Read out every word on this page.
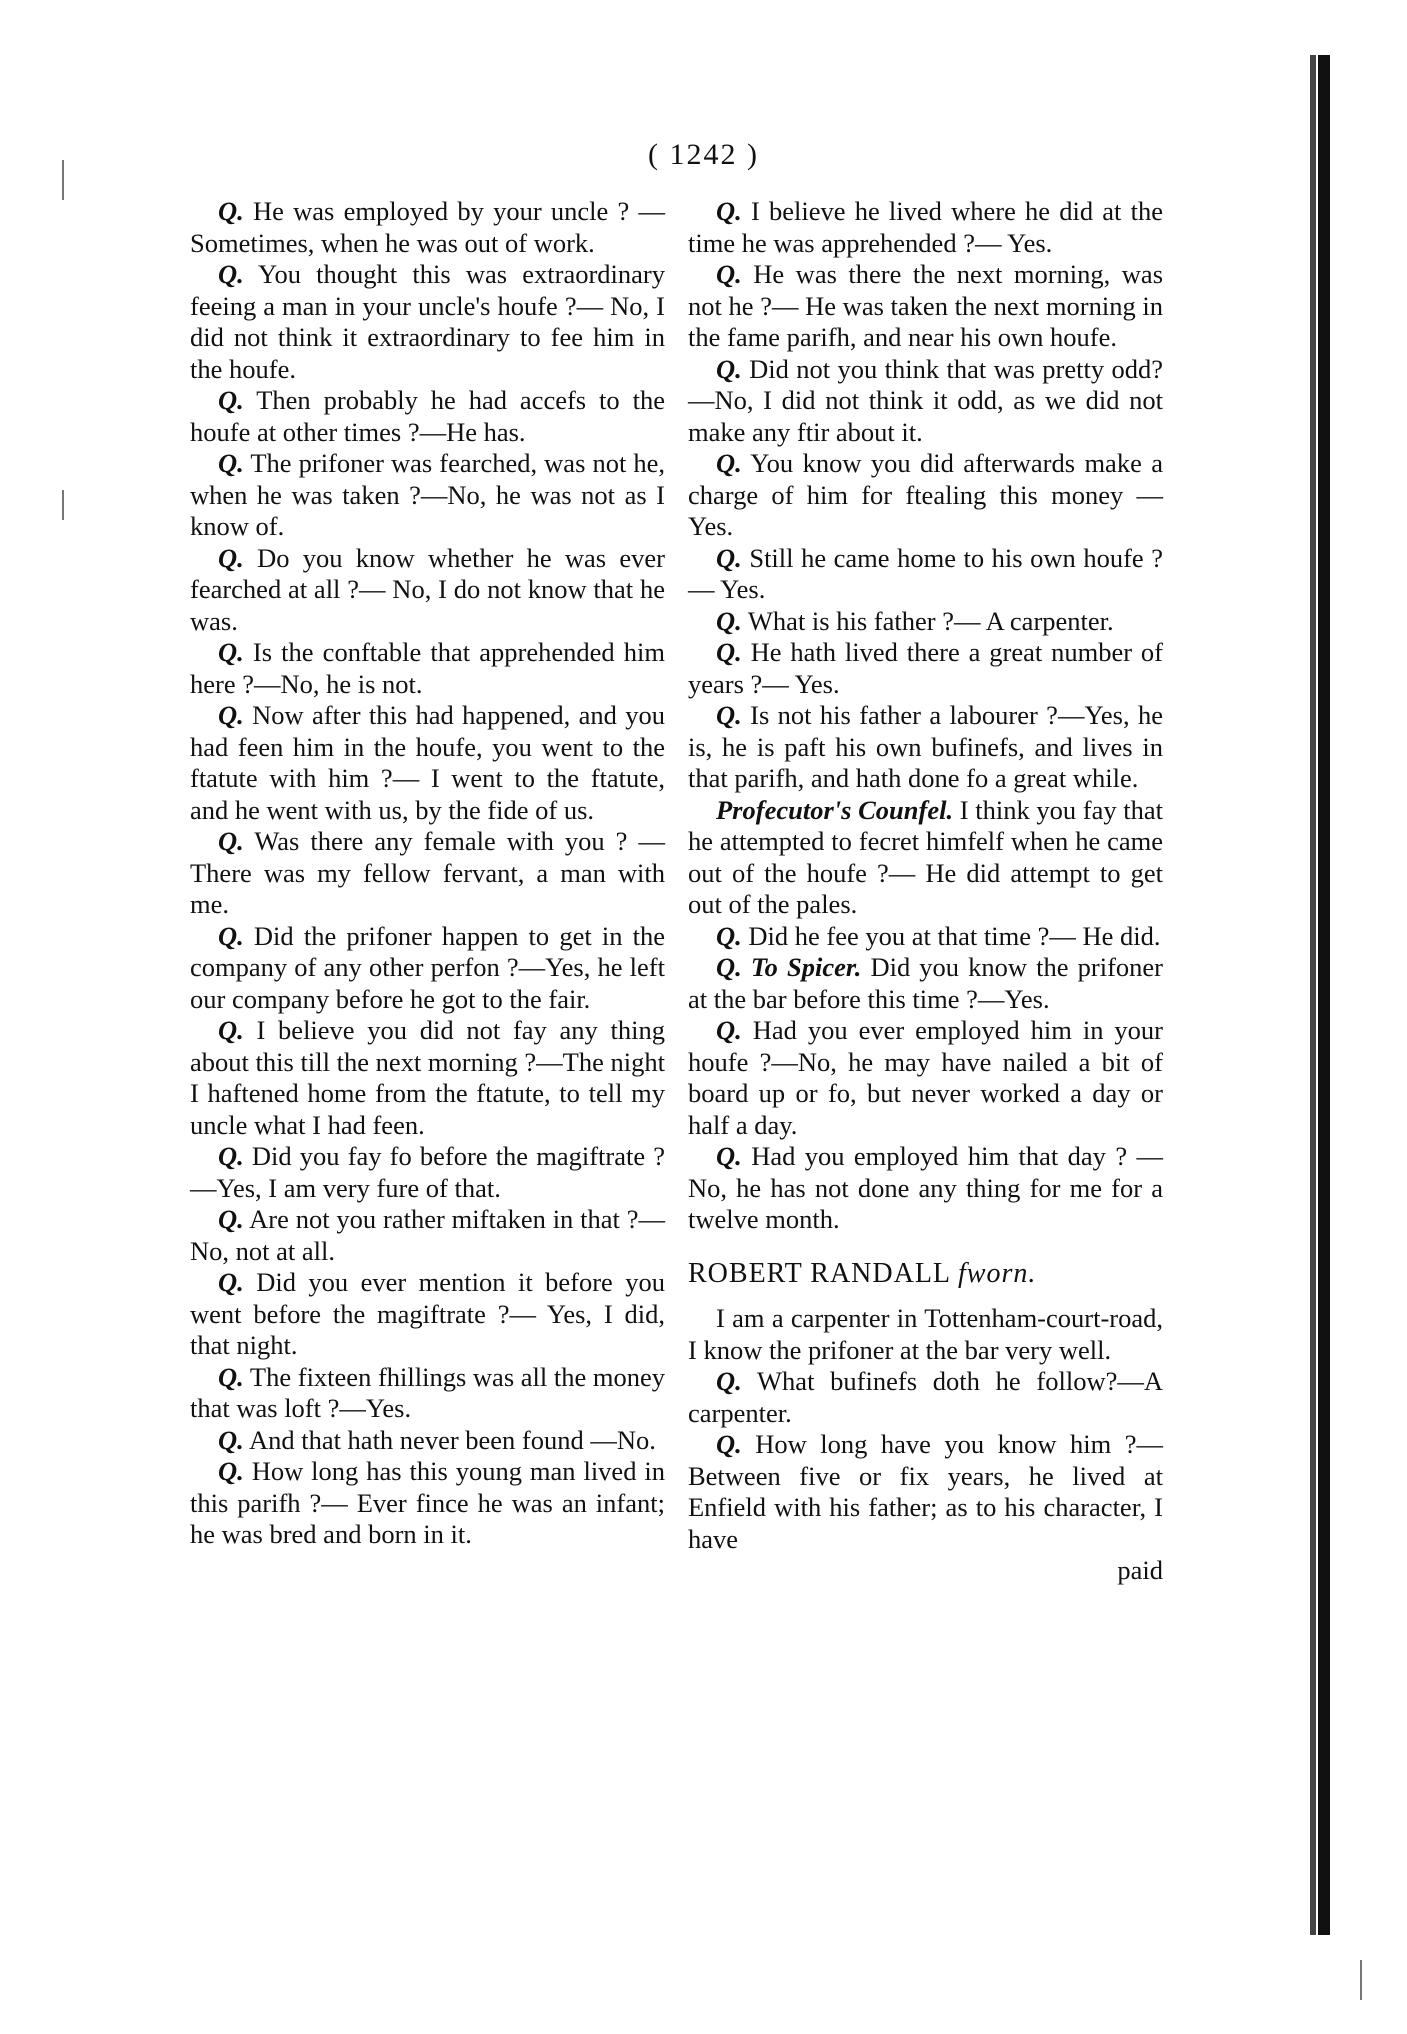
( 1242 )

Q. He was employed by your uncle ? —Sometimes, when he was out of work.

Q. You thought this was extraordinary feeing a man in your uncle's houfe ?— No, I did not think it extraordinary to fee him in the houfe.

Q. Then probably he had accefs to the houfe at other times ?—He has.

Q. The prifoner was fearched, was not he, when he was taken ?—No, he was not as I know of.

Q. Do you know whether he was ever fearched at all ?— No, I do not know that he was.

Q. Is the conftable that apprehended him here ?—No, he is not.

Q. Now after this had happened, and you had feen him in the houfe, you went to the ftatute with him ?— I went to the ftatute, and he went with us, by the fide of us.

Q. Was there any female with you ? —There was my fellow fervant, a man with me.

Q. Did the prifoner happen to get in the company of any other perfon ?—Yes, he left our company before he got to the fair.

Q. I believe you did not fay any thing about this till the next morning ?—The night I haftened home from the ftatute, to tell my uncle what I had feen.

Q. Did you fay fo before the magiftrate ?—Yes, I am very fure of that.

Q. Are not you rather miftaken in that ?—No, not at all.

Q. Did you ever mention it before you went before the magiftrate ?— Yes, I did, that night.

Q. The fixteen fhillings was all the money that was loft ?—Yes.

Q. And that hath never been found —No.

Q. How long has this young man lived in this parifh ?— Ever fince he was an infant; he was bred and born in it.

Q. I believe he lived where he did at the time he was apprehended ?— Yes.

Q. He was there the next morning, was not he ?— He was taken the next morning in the fame parifh, and near his own houfe.

Q. Did not you think that was pretty odd?—No, I did not think it odd, as we did not make any ftir about it.

Q. You know you did afterwards make a charge of him for ftealing this money — Yes.

Q. Still he came home to his own houfe ?— Yes.

Q. What is his father ?— A carpenter.

Q. He hath lived there a great number of years ?— Yes.

Q. Is not his father a labourer ?—Yes, he is, he is paft his own bufinefs, and lives in that parifh, and hath done fo a great while.

Profecutor's Counfel. I think you fay that he attempted to fecret himfelf when he came out of the houfe ?— He did attempt to get out of the pales.

Q. Did he fee you at that time ?— He did.

Q. To Spicer. Did you know the prifoner at the bar before this time ?—Yes.

Q. Had you ever employed him in your houfe ?—No, he may have nailed a bit of board up or fo, but never worked a day or half a day.

Q. Had you employed him that day ? — No, he has not done any thing for me for a twelve month.

ROBERT RANDALL fworn.

I am a carpenter in Tottenham-court-road, I know the prifoner at the bar very well.

Q. What bufinefs doth he follow?—A carpenter.

Q. How long have you know him ?— Between five or fix years, he lived at Enfield with his father; as to his character, I have

paid
